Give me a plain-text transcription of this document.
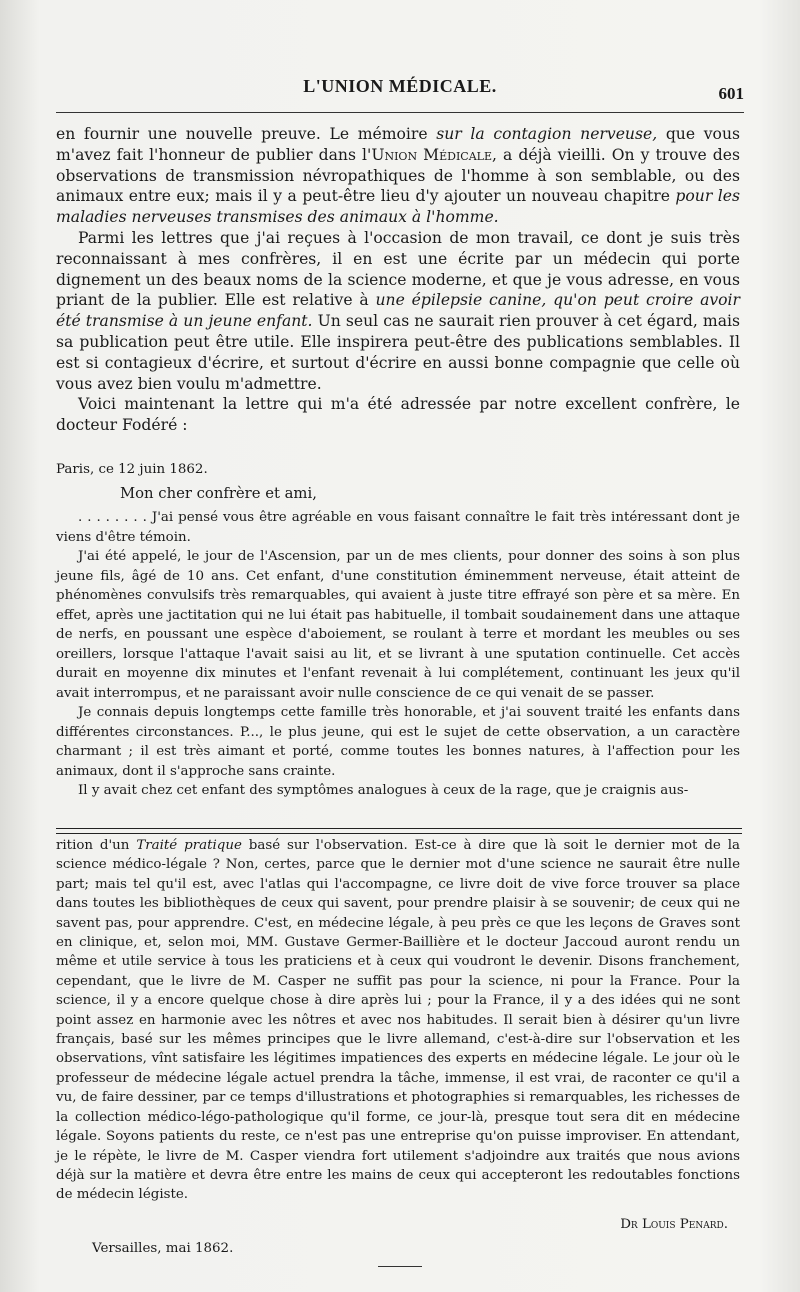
L'UNION MÉDICALE.	601

en fournir une nouvelle preuve. Le mémoire sur la contagion nerveuse, que vous m'avez fait l'honneur de publier dans l'Union Médicale, a déjà vieilli. On y trouve des observations de transmission névropathiques de l'homme à son semblable, ou des animaux entre eux; mais il y a peut-être lieu d'y ajouter un nouveau chapitre pour les maladies nerveuses transmises des animaux à l'homme.

Parmi les lettres que j'ai reçues à l'occasion de mon travail, ce dont je suis très reconnaissant à mes confrères, il en est une écrite par un médecin qui porte dignement un des beaux noms de la science moderne, et que je vous adresse, en vous priant de la publier. Elle est relative à une épilepsie canine, qu'on peut croire avoir été transmise à un jeune enfant. Un seul cas ne saurait rien prouver à cet égard, mais sa publication peut être utile. Elle inspirera peut-être des publications semblables. Il est si contagieux d'écrire, et surtout d'écrire en aussi bonne compagnie que celle où vous avez bien voulu m'admettre.

Voici maintenant la lettre qui m'a été adressée par notre excellent confrère, le docteur Fodéré :

Paris, ce 12 juin 1862.

Mon cher confrère et ami,

. . . . . . . . J'ai pensé vous être agréable en vous faisant connaître le fait très intéressant dont je viens d'être témoin.

J'ai été appelé, le jour de l'Ascension, par un de mes clients, pour donner des soins à son plus jeune fils, âgé de 10 ans. Cet enfant, d'une constitution éminemment nerveuse, était atteint de phénomènes convulsifs très remarquables, qui avaient à juste titre effrayé son père et sa mère. En effet, après une jactitation qui ne lui était pas habituelle, il tombait soudainement dans une attaque de nerfs, en poussant une espèce d'aboiement, se roulant à terre et mordant les meubles ou ses oreillers, lorsque l'attaque l'avait saisi au lit, et se livrant à une sputation continuelle. Cet accès durait en moyenne dix minutes et l'enfant revenait à lui complétement, continuant les jeux qu'il avait interrompus, et ne paraissant avoir nulle conscience de ce qui venait de se passer.

Je connais depuis longtemps cette famille très honorable, et j'ai souvent traité les enfants dans différentes circonstances. P..., le plus jeune, qui est le sujet de cette observation, a un caractère charmant ; il est très aimant et porté, comme toutes les bonnes natures, à l'affection pour les animaux, dont il s'approche sans crainte.

Il y avait chez cet enfant des symptômes analogues à ceux de la rage, que je craignis aus-

rition d'un Traité pratique basé sur l'observation. Est-ce à dire que là soit le dernier mot de la science médico-légale ? Non, certes, parce que le dernier mot d'une science ne saurait être nulle part; mais tel qu'il est, avec l'atlas qui l'accompagne, ce livre doit de vive force trouver sa place dans toutes les bibliothèques de ceux qui savent, pour prendre plaisir à se souvenir; de ceux qui ne savent pas, pour apprendre. C'est, en médecine légale, à peu près ce que les leçons de Graves sont en clinique, et, selon moi, MM. Gustave Germer-Baillière et le docteur Jaccoud auront rendu un même et utile service à tous les praticiens et à ceux qui voudront le devenir. Disons franchement, cependant, que le livre de M. Casper ne suffit pas pour la science, ni pour la France. Pour la science, il y a encore quelque chose à dire après lui ; pour la France, il y a des idées qui ne sont point assez en harmonie avec les nôtres et avec nos habitudes. Il serait bien à désirer qu'un livre français, basé sur les mêmes principes que le livre allemand, c'est-à-dire sur l'observation et les observations, vînt satisfaire les légitimes impatiences des experts en médecine légale. Le jour où le professeur de médecine légale actuel prendra la tâche, immense, il est vrai, de raconter ce qu'il a vu, de faire dessiner, par ce temps d'illustrations et photographies si remarquables, les richesses de la collection médico-légo-pathologique qu'il forme, ce jour-là, presque tout sera dit en médecine légale. Soyons patients du reste, ce n'est pas une entreprise qu'on puisse improviser. En attendant, je le répète, le livre de M. Casper viendra fort utilement s'adjoindre aux traités que nous avions déjà sur la matière et devra être entre les mains de ceux qui accepteront les redoutables fonctions de médecin légiste.

Dr Louis Penard.
Versailles, mai 1862.
